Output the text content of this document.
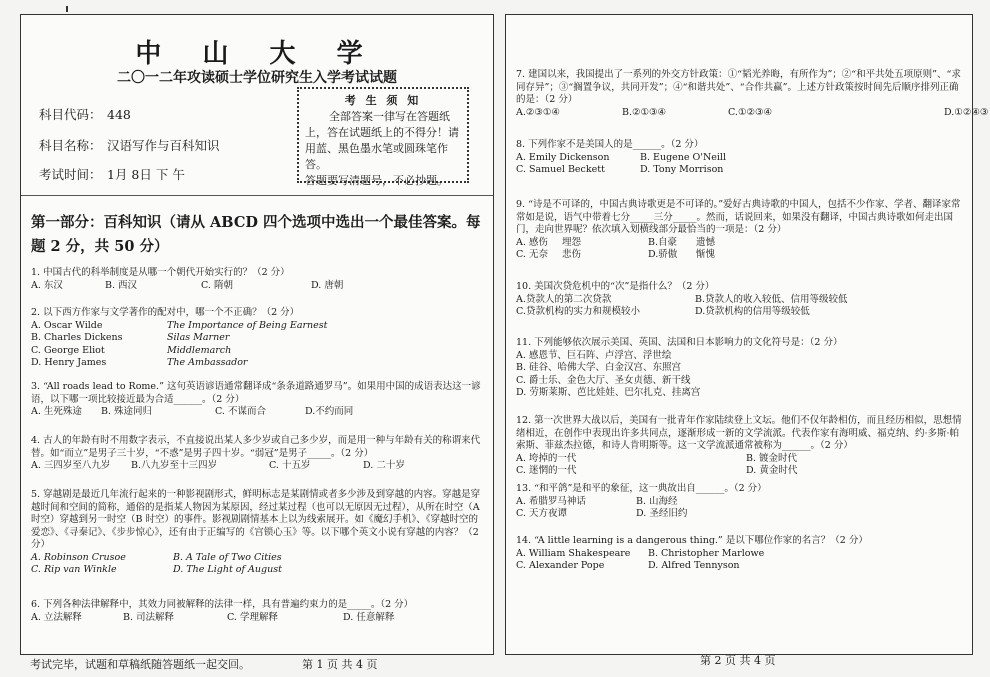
中 山 大 学
二〇一二年攻读硕士学位研究生入学考试试题
科目代码： 448
科目名称： 汉语写作与百科知识
考试时间： 1月 8日 下 午
考 生 须 知
全部答案一律写在答题纸
上，答在试题纸上的不得分！请
用蓝、黑色墨水笔或圆珠笔作答。
答题要写清题号，不必抄题。
第一部分：百科知识（请从 ABCD 四个选项中选出一个最佳答案。每题 2 分，共 50 分）

1. 中国古代的科举制度是从哪一个朝代开始实行的？（2 分）

A. 东汉	B. 西汉	C. 隋朝	D. 唐朝

2. 以下西方作家与文学著作的配对中，哪一个不正确？（2 分）

A. Oscar Wilde	The Importance of Being Earnest
B. Charles Dickens	Silas Marner
C. George Eliot	Middlemarch
D. Henry James	The Ambassador

3. “All roads lead to Rome.” 这句英语谚语通常翻译成“条条道路通罗马”。如果用中国的成语表达这一谚语，以下哪一项比较接近最为合适______。（2 分）

A. 生死殊途	B. 殊途同归	C. 不谋而合	D.不约而同

4. 古人的年龄有时不用数字表示，不直接说出某人多少岁或自己多少岁，而是用一种与年龄有关的称谓来代替。如“而立”是男子三十岁，“不惑”是男子四十岁。“弱冠”是男子_____。（2 分）

A. 三四岁至八九岁	B.八九岁至十三四岁	C. 十五岁	D. 二十岁

5. 穿越剧是最近几年流行起来的一种影视剧形式，鲜明标志是某剧情或者多少涉及到穿越的内容。穿越是穿越时间和空间的简称，通俗的是指某人物因为某原因，经过某过程（也可以无原因无过程），从所在时空（A 时空）穿越到另一时空（B 时空）的事件。影视剧剧情基本上以为线索展开。如《魔幻手机》、《穿越时空的爱恋》、《寻秦记》、《步步惊心》，还有由于正编写的《宫锁心玉》等。以下哪个英文小说有穿越的内容？（2 分）

A. Robinson Crusoe	B. A Tale of Two Cities
C. Rip van Winkle	D. The Light of August

6. 下列各种法律解释中，其效力同被解释的法律一样，具有普遍约束力的是_____。（2 分）

A. 立法解释	B. 司法解释	C. 学理解释	D. 任意解释
考试完毕，试题和草稿纸随答题纸一起交回。	第 1 页 共 4 页

7. 建国以来，我国提出了一系列的外交方针政策：①“韬光养晦，有所作为”；②“和平共处五项原则”、“求同存异”；③“搁置争议，共同开发”；④“和谐共处”、“合作共赢”。上述方针政策按时间先后顺序排列正确的是：（2 分）

A.②③①④	B.②①③④	C.①②③④	D.①②④③

8. 下列作家不是美国人的是______。（2 分）

A. Emily Dickenson	B. Eugene O'Neill
C. Samuel Beckett	D. Tony Morrison

9. “诗是不可译的，中国古典诗歌更是不可译的。”爱好古典诗歌的中国人，包括不少作家、学者、翻译家常常如是说，语气中带着七分_____三分_____。然而，话说回来，如果没有翻译，中国古典诗歌如何走出国门，走向世界呢？依次填入划横线部分最恰当的一项是：（2 分）

A. 感伤	埋怨	B.自豪	遗憾
C. 无奈	悲伤	D.骄傲	惭愧

10. 美国次贷危机中的“次”是指什么？（2 分）

A.贷款人的第二次贷款	B.贷款人的收入较低、信用等级较低
C.贷款机构的实力和规模较小	D.贷款机构的信用等级较低

11. 下列能够依次展示美国、英国、法国和日本影响力的文化符号是：（2 分）

A. 感恩节、巨石阵、卢浮宫、浮世绘
B. 硅谷、哈佛大学、白金汉宫、东照宫
C. 爵士乐、金色大厅、圣女贞德、新干线
D. 劳斯莱斯、芭比娃娃、巴尔扎克、挂离宫

12. 第一次世界大战以后，美国有一批青年作家陆续登上文坛。他们不仅年龄相仿，而且经历相似，思想情绪相近，在创作中表现出许多共同点，逐渐形成一新的文学流派。代表作家有海明威、福克纳、约·多斯·帕索斯、菲兹杰拉德，和诗人肯明斯等。这一文学流派通常被称为______。（2 分）

A. 垮掉的一代	B. 镀金时代
C. 迷惘的一代	D. 黄金时代

13. “和平鸽”是和平的象征，这一典故出自______。（2 分）

A. 希腊罗马神话	B. 山海经
C. 天方夜谭	D. 圣经旧约

14. “A little learning is a dangerous thing.” 是以下哪位作家的名言？（2 分）

A. William Shakespeare	B. Christopher Marlowe
C. Alexander Pope	D. Alfred Tennyson
第 2 页 共 4 页
